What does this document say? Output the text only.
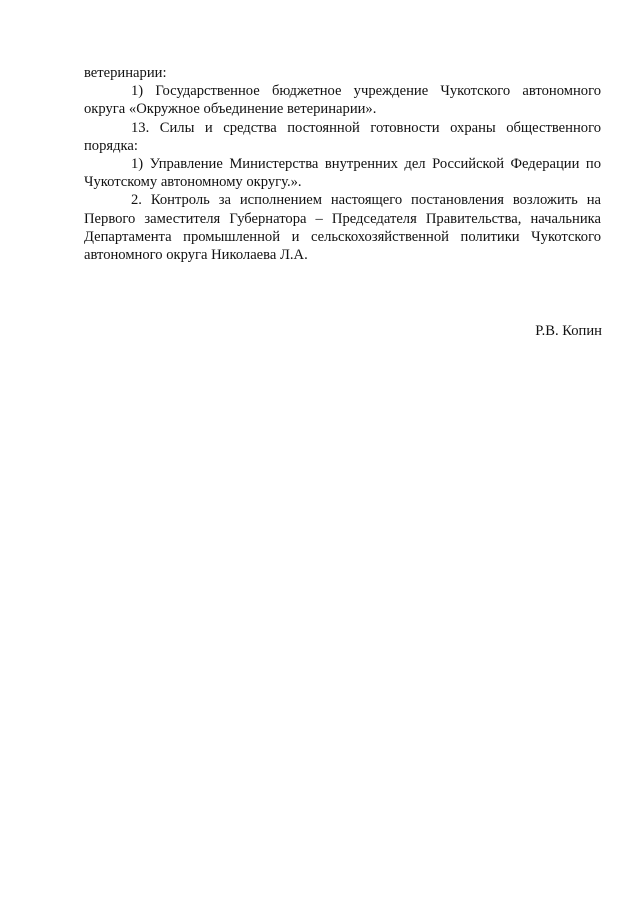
ветеринарии:

1) Государственное бюджетное учреждение Чукотского автономного округа «Окружное объединение ветеринарии».

13. Силы и средства постоянной готовности охраны общественного порядка:

1) Управление Министерства внутренних дел Российской Федерации по Чукотскому автономному округу.».

2. Контроль за исполнением настоящего постановления возложить на Первого заместителя Губернатора – Председателя Правительства, начальника Департамента промышленной и сельскохозяйственной политики Чукотского автономного округа Николаева Л.А.

Р.В. Копин
